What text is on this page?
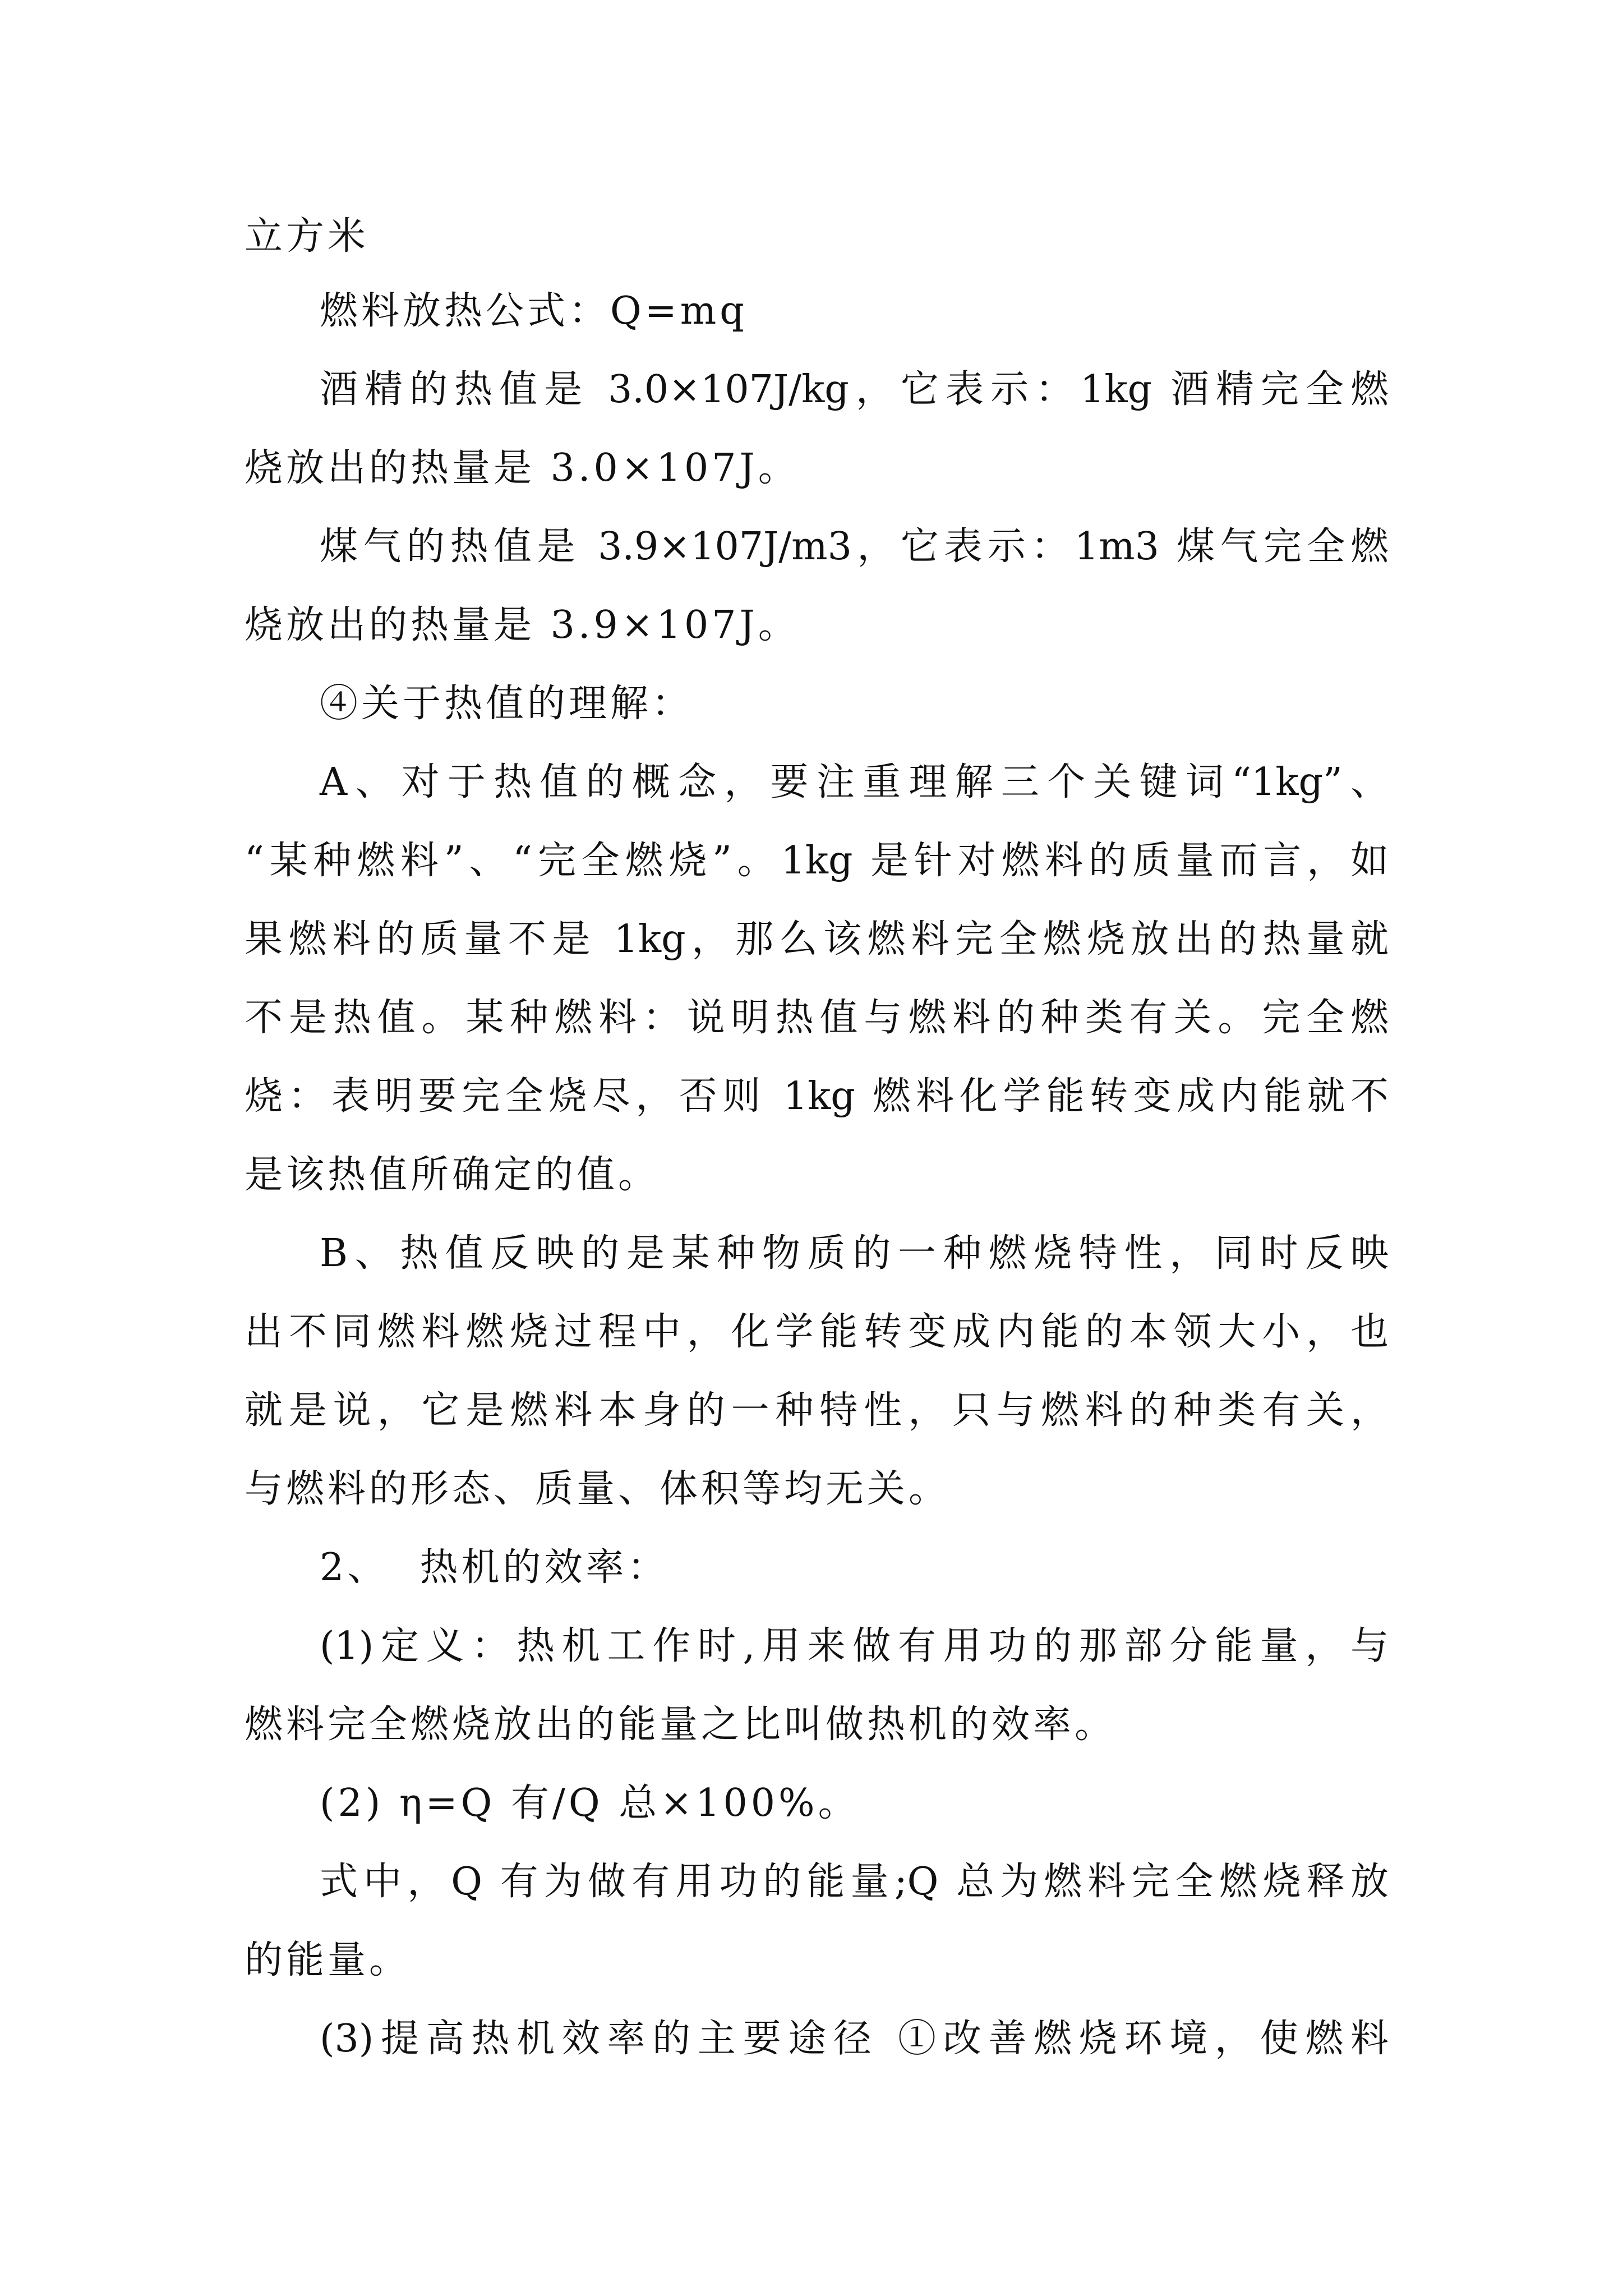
立方米
燃料放热公式：Q=mq
酒精的热值是 3.0×107J/kg，它表示：1kg 酒精完全燃
烧放出的热量是 3.0×107J。
煤气的热值是 3.9×107J/m3，它表示：1m3 煤气完全燃
烧放出的热量是 3.9×107J。
④关于热值的理解：
A、对于热值的概念，要注重理解三个关键词“1kg”、
“某种燃料”、“完全燃烧”。1kg 是针对燃料的质量而言，如
果燃料的质量不是 1kg，那么该燃料完全燃烧放出的热量就
不是热值。某种燃料：说明热值与燃料的种类有关。完全燃
烧：表明要完全烧尽，否则 1kg 燃料化学能转变成内能就不
是该热值所确定的值。
B、热值反映的是某种物质的一种燃烧特性，同时反映
出不同燃料燃烧过程中，化学能转变成内能的本领大小，也
就是说，它是燃料本身的一种特性，只与燃料的种类有关，
与燃料的形态、质量、体积等均无关。
2、  热机的效率：
(1)定义：热机工作时,用来做有用功的那部分能量，与
燃料完全燃烧放出的能量之比叫做热机的效率。
(2) η=Q 有/Q 总×100%。
式中，Q 有为做有用功的能量;Q 总为燃料完全燃烧释放
的能量。
(3)提高热机效率的主要途径 ①改善燃烧环境，使燃料
